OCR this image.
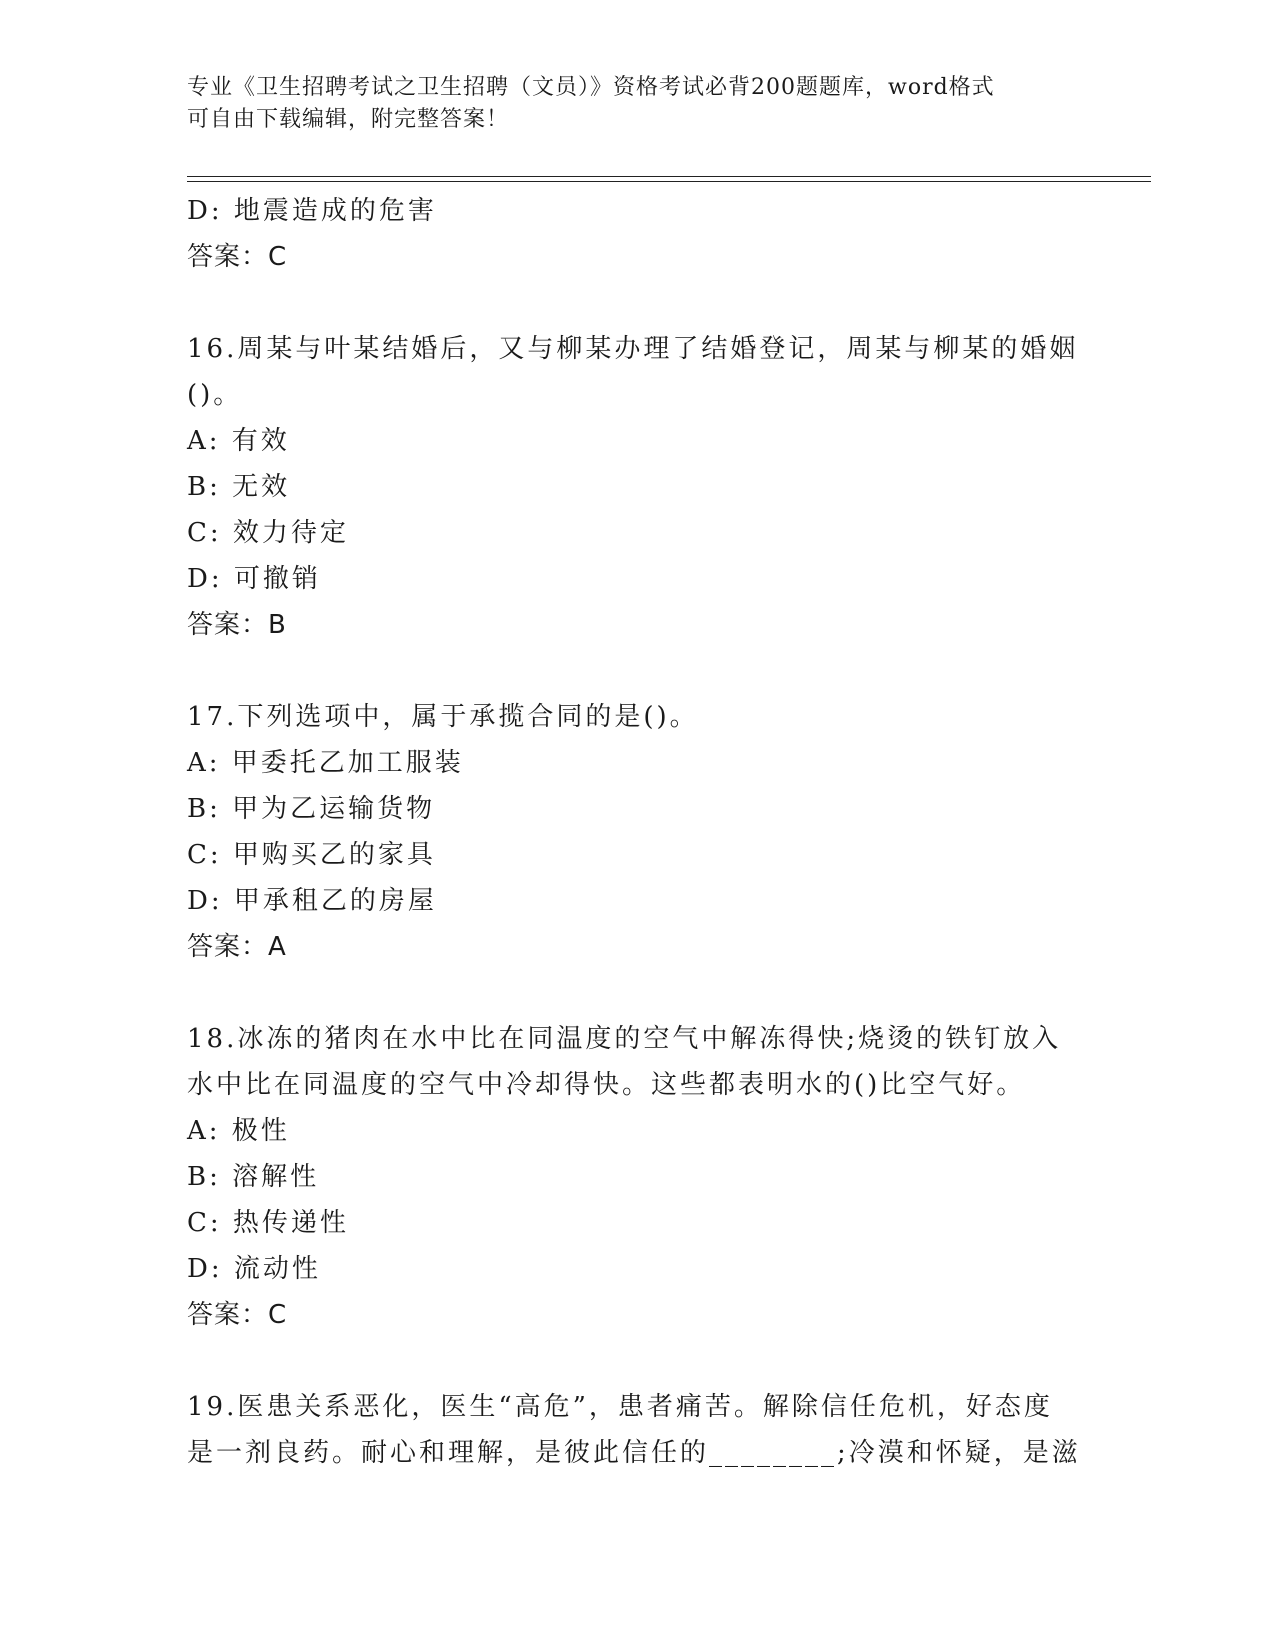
专业《卫生招聘考试之卫生招聘（文员）》资格考试必背200题题库，word格式
可自由下载编辑，附完整答案！
D: 地震造成的危害
答案：C
16.周某与叶某结婚后，又与柳某办理了结婚登记，周某与柳某的婚姻
()。
A: 有效
B: 无效
C: 效力待定
D: 可撤销
答案：B
17.下列选项中，属于承揽合同的是()。
A: 甲委托乙加工服装
B: 甲为乙运输货物
C: 甲购买乙的家具
D: 甲承租乙的房屋
答案：A
18.冰冻的猪肉在水中比在同温度的空气中解冻得快;烧烫的铁钉放入
水中比在同温度的空气中冷却得快。这些都表明水的()比空气好。
A: 极性
B: 溶解性
C: 热传递性
D: 流动性
答案：C
19.医患关系恶化，医生“高危”，患者痛苦。解除信任危机，好态度
是一剂良药。耐心和理解，是彼此信任的________;冷漠和怀疑，是滋
